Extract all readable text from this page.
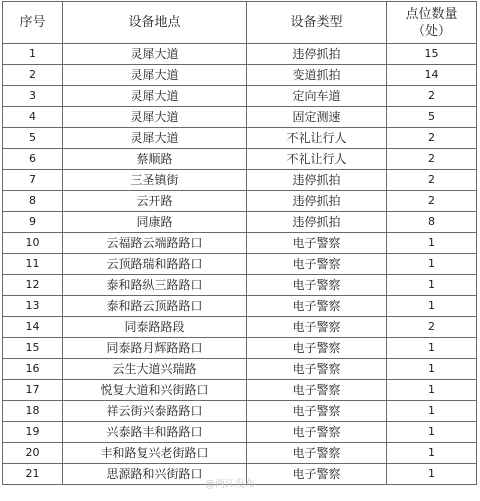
序号	设备地点	设备类型	点位数量
（处）
1	灵犀大道	违停抓拍	15
2	灵犀大道	变道抓拍	14
3	灵犀大道	定向车道	2
4	灵犀大道	固定测速	5
5	灵犀大道	不礼让行人	2
6	蔡顺路	不礼让行人	2
7	三圣镇街	违停抓拍	2
8	云开路	违停抓拍	2
9	同康路	违停抓拍	8
10	云福路云端路路口	电子警察	1
11	云顶路瑞和路路口	电子警察	1
12	泰和路纵三路路口	电子警察	1
13	泰和路云顶路路口	电子警察	1
14	同泰路路段	电子警察	2
15	同泰路月辉路路口	电子警察	1
16	云生大道兴瑞路	电子警察	1
17	悦复大道和兴街路口	电子警察	1
18	祥云街兴泰路路口	电子警察	1
19	兴泰路丰和路路口	电子警察	1
20	丰和路复兴老街路口	电子警察	1
21	思源路和兴街路口	电子警察	1
@两江发布
